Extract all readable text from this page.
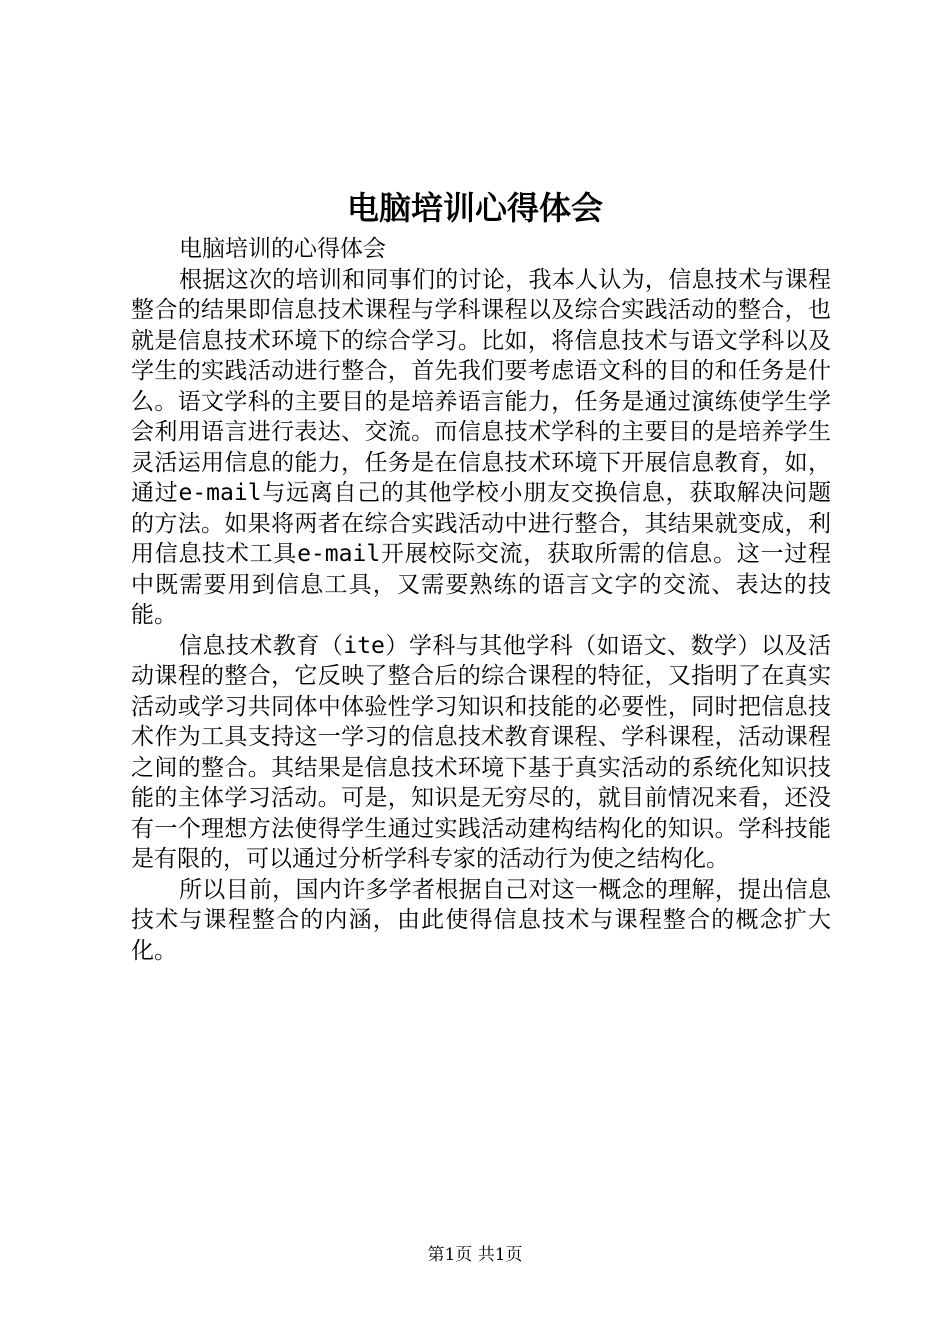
电脑培训心得体会

电脑培训的心得体会

根据这次的培训和同事们的讨论，我本人认为，信息技术与课程整合的结果即信息技术课程与学科课程以及综合实践活动的整合，也就是信息技术环境下的综合学习。比如，将信息技术与语文学科以及学生的实践活动进行整合，首先我们要考虑语文科的目的和任务是什么。语文学科的主要目的是培养语言能力，任务是通过演练使学生学会利用语言进行表达、交流。而信息技术学科的主要目的是培养学生灵活运用信息的能力，任务是在信息技术环境下开展信息教育，如，通过e-mail与远离自己的其他学校小朋友交换信息，获取解决问题的方法。如果将两者在综合实践活动中进行整合，其结果就变成，利用信息技术工具e-mail开展校际交流，获取所需的信息。这一过程中既需要用到信息工具，又需要熟练的语言文字的交流、表达的技能。

信息技术教育（ite）学科与其他学科（如语文、数学）以及活动课程的整合，它反映了整合后的综合课程的特征，又指明了在真实活动或学习共同体中体验性学习知识和技能的必要性，同时把信息技术作为工具支持这一学习的信息技术教育课程、学科课程，活动课程之间的整合。其结果是信息技术环境下基于真实活动的系统化知识技能的主体学习活动。可是，知识是无穷尽的，就目前情况来看，还没有一个理想方法使得学生通过实践活动建构结构化的知识。学科技能是有限的，可以通过分析学科专家的活动行为使之结构化。

所以目前，国内许多学者根据自己对这一概念的理解，提出信息技术与课程整合的内涵，由此使得信息技术与课程整合的概念扩大化。

第1页 共1页
